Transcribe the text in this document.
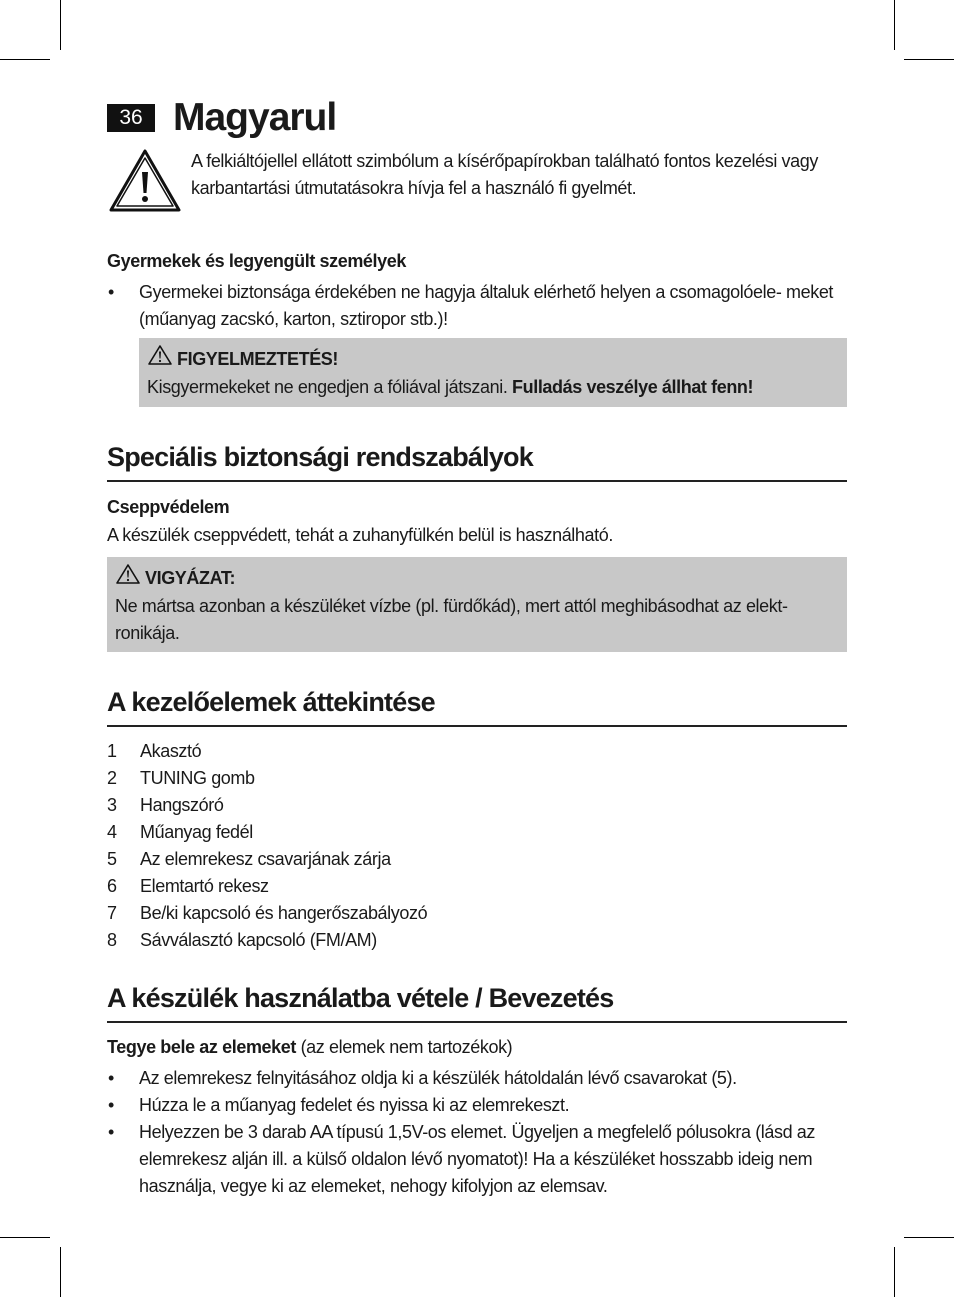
36 Magyarul
A felkiáltójellel ellátott szimbólum a kísérőpapírokban található fontos kezelési vagy karbantartási útmutatásokra hívja fel a használó fi gyelmét.
Gyermekek és legyengült személyek
• Gyermekei biztonsága érdekében ne hagyja általuk elérhető helyen a csomagolóele- meket (műanyag zacskó, karton, sztiropor stb.)!
FIGYELMEZTETÉS!
Kisgyermekeket ne engedjen a fóliával játszani. Fulladás veszélye állhat fenn!
Speciális biztonsági rendszabályok
Cseppvédelem
A készülék cseppvédett, tehát a zuhanyfülkén belül is használható.
VIGYÁZAT:
Ne mártsa azonban a készüléket vízbe (pl. fürdőkád), mert attól meghibásodhat az elekt- ronikája.
A kezelőelemek áttekintése
1	Akasztó
2	TUNING gomb
3	Hangszóró
4	Műanyag fedél
5	Az elemrekesz csavarjának zárja
6	Elemtartó rekesz
7	Be/ki kapcsoló és hangerőszabályozó
8	Sávválasztó kapcsoló (FM/AM)
A készülék használatba vétele / Bevezetés
Tegye bele az elemeket (az elemek nem tartozékok)
• Az elemrekesz felnyitásához oldja ki a készülék hátoldalán lévő csavarokat (5).
• Húzza le a műanyag fedelet és nyissa ki az elemrekeszt.
• Helyezzen be 3 darab AA típusú 1,5V-os elemet. Ügyeljen a megfelelő pólusokra (lásd az elemrekesz alján ill. a külső oldalon lévő nyomatot)! Ha a készüléket hosszabb ideig nem használja, vegye ki az elemeket, nehogy kifolyjon az elemsav.
